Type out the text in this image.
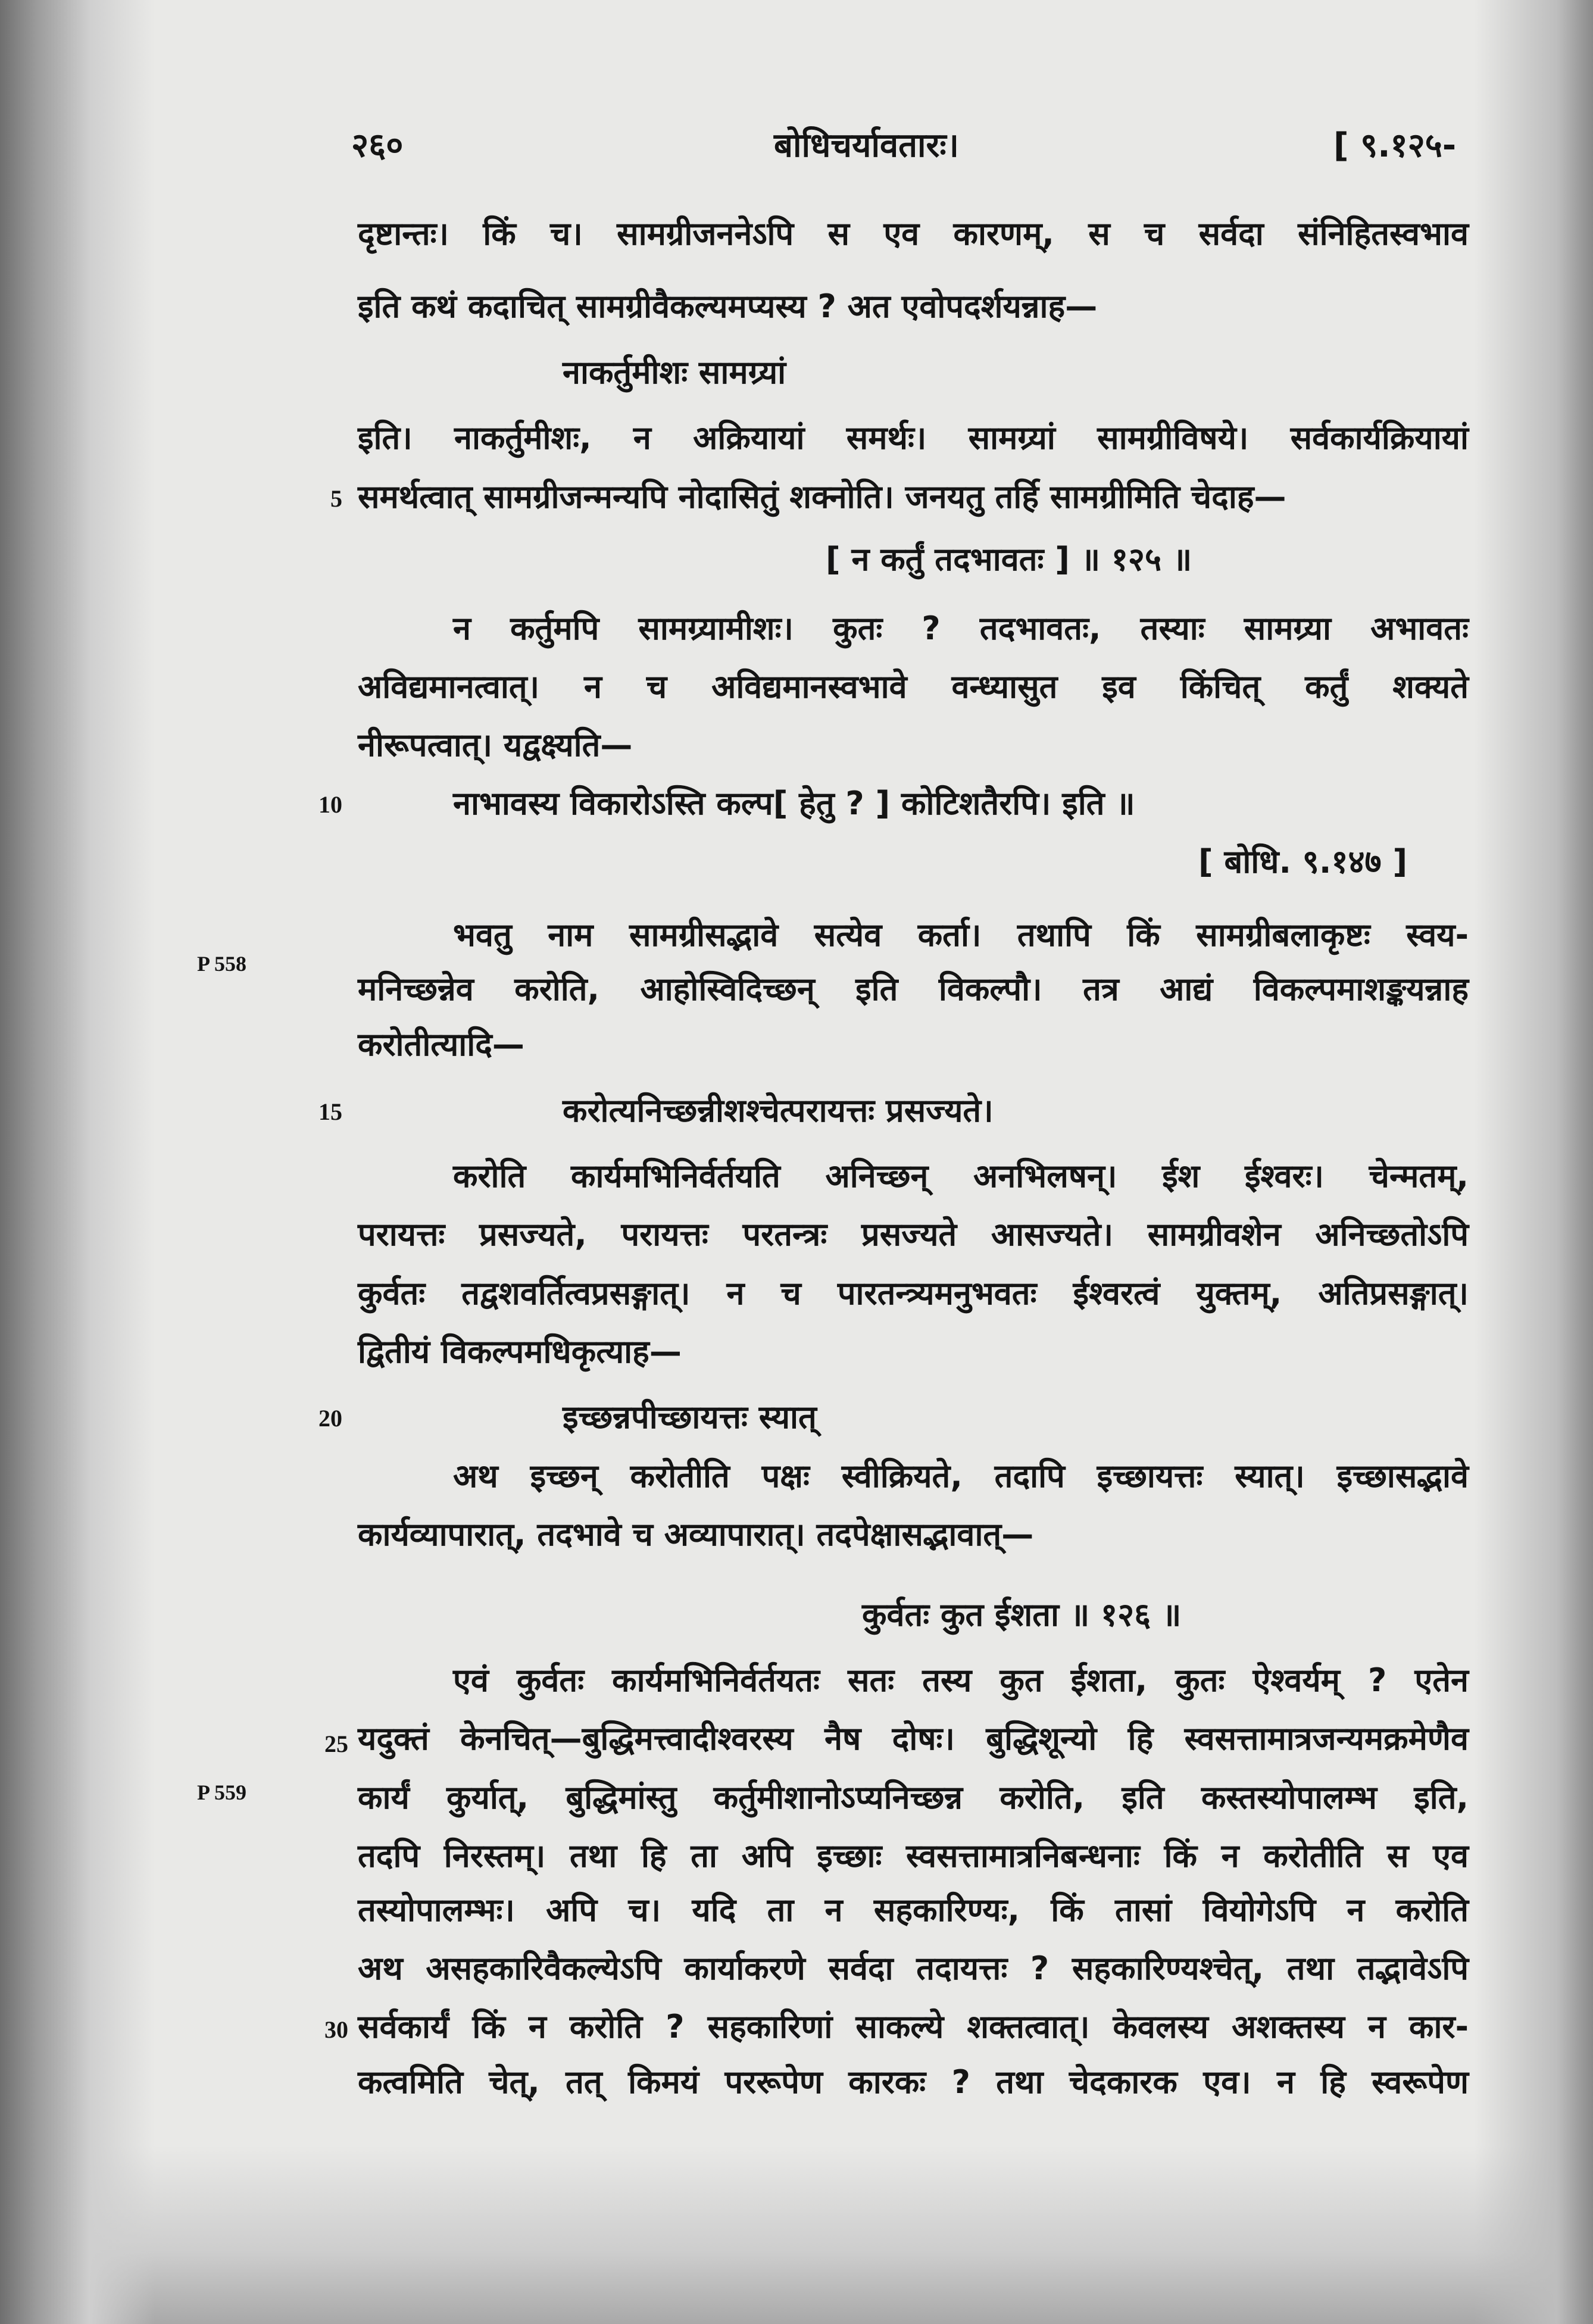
२६०	बोधिचर्यावतारः।	[ ९.१२५-
दृष्टान्तः। किं च। सामग्रीजननेऽपि स एव कारणम्, स च सर्वदा संनिहितस्वभाव
इति कथं कदाचित् सामग्रीवैकल्यमप्यस्य ? अत एवोपदर्शयन्नाह—
नाकर्तुमीशः सामग्र्यां
इति। नाकर्तुमीशः, न अक्रियायां समर्थः। सामग्र्यां सामग्रीविषये। सर्वकार्यक्रियायां
समर्थत्वात् सामग्रीजन्मन्यपि नोदासितुं शक्नोति। जनयतु तर्हि सामग्रीमिति चेदाह—
[ न कर्तुं तदभावतः ] ॥ १२५ ॥
न कर्तुमपि सामग्र्यामीशः। कुतः ? तदभावतः, तस्याः सामग्र्या अभावतः
अविद्यमानत्वात्। न च अविद्यमानस्वभावे वन्ध्यासुत इव किंचित् कर्तुं शक्यते
नीरूपत्वात्। यद्वक्ष्यति—
नाभावस्य विकारोऽस्ति कल्प[ हेतु ? ] कोटिशतैरपि। इति ॥
[ बोधि. ९.१४७ ]
भवतु नाम सामग्रीसद्भावे सत्येव कर्ता। तथापि किं सामग्रीबलाकृष्टः स्वय-
मनिच्छन्नेव करोति, आहोस्विदिच्छन् इति विकल्पौ। तत्र आद्यं विकल्पमाशङ्कयन्नाह
करोतीत्यादि—
करोत्यनिच्छन्नीशश्चेत्परायत्तः प्रसज्यते।
करोति कार्यमभिनिर्वर्तयति अनिच्छन् अनभिलषन्। ईश ईश्वरः। चेन्मतम्,
परायत्तः प्रसज्यते, परायत्तः परतन्त्रः प्रसज्यते आसज्यते। सामग्रीवशेन अनिच्छतोऽपि
कुर्वतः तद्वशवर्तित्वप्रसङ्गात्। न च पारतन्त्र्यमनुभवतः ईश्वरत्वं युक्तम्, अतिप्रसङ्गात्।
द्वितीयं विकल्पमधिकृत्याह—
इच्छन्नपीच्छायत्तः स्यात्
अथ इच्छन् करोतीति पक्षः स्वीक्रियते, तदापि इच्छायत्तः स्यात्। इच्छासद्भावे
कार्यव्यापारात्, तदभावे च अव्यापारात्। तदपेक्षासद्भावात्—
कुर्वतः कुत ईशता ॥ १२६ ॥
एवं कुर्वतः कार्यमभिनिर्वर्तयतः सतः तस्य कुत ईशता, कुतः ऐश्वर्यम् ? एतेन
यदुक्तं केनचित्—बुद्धिमत्त्वादीश्वरस्य नैष दोषः। बुद्धिशून्यो हि स्वसत्तामात्रजन्यमक्रमेणैव
कार्यं कुर्यात्, बुद्धिमांस्तु कर्तुमीशानोऽप्यनिच्छन्न करोति, इति कस्तस्योपालम्भ इति,
तदपि निरस्तम्। तथा हि ता अपि इच्छाः स्वसत्तामात्रनिबन्धनाः किं न करोतीति स एव
तस्योपालम्भः। अपि च। यदि ता न सहकारिण्यः, किं तासां वियोगेऽपि न करोति
अथ असहकारिवैकल्येऽपि कार्याकरणे सर्वदा तदायत्तः ? सहकारिण्यश्चेत्, तथा तद्भावेऽपि
सर्वकार्यं किं न करोति ? सहकारिणां साकल्ये शक्तत्वात्। केवलस्य अशक्तस्य न कार-
कत्वमिति चेत्, तत् किमयं पररूपेण कारकः ? तथा चेदकारक एव। न हि स्वरूपेण
5
10
15
20
25
30
P 558
P 559
